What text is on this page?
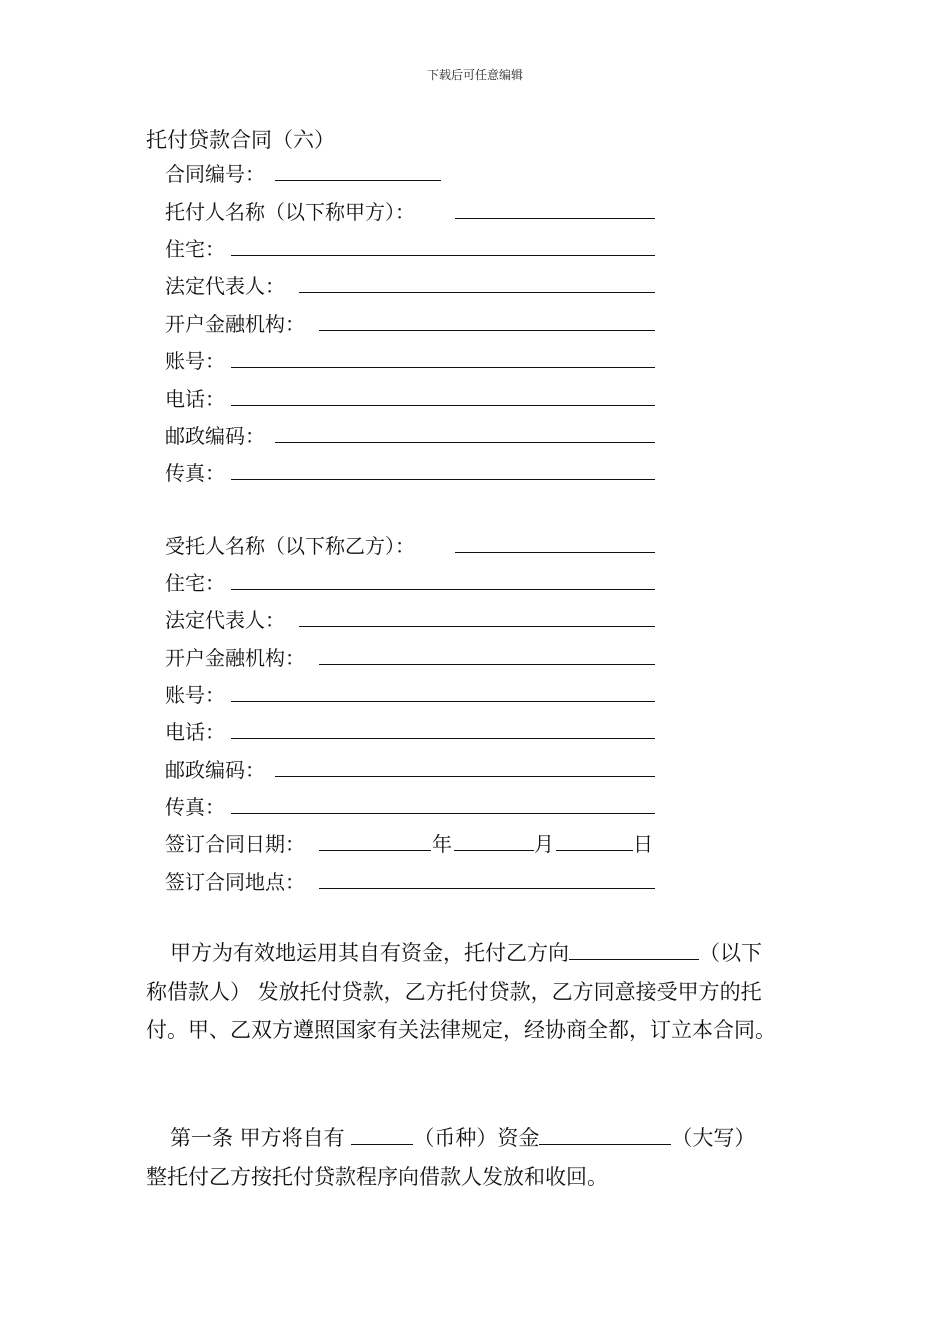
下载后可任意编辑
托付贷款合同（六）
合同编号：
托付人名称（以下称甲方）：
住宅：
法定代表人：
开户金融机构：
账号：
电话：
邮政编码：
传真：
受托人名称（以下称乙方）：
住宅：
法定代表人：
开户金融机构：
账号：
电话：
邮政编码：
传真：
签订合同日期：	年	月	日
签订合同地点：
甲方为有效地运用其自有资金，托付乙方向	（以下
称借款人） 发放托付贷款，乙方托付贷款，乙方同意接受甲方的托
付。甲、乙双方遵照国家有关法律规定，经协商全都，订立本合同。
第一条 甲方将自有	（币种）资金	（大写）
整托付乙方按托付贷款程序向借款人发放和收回。
